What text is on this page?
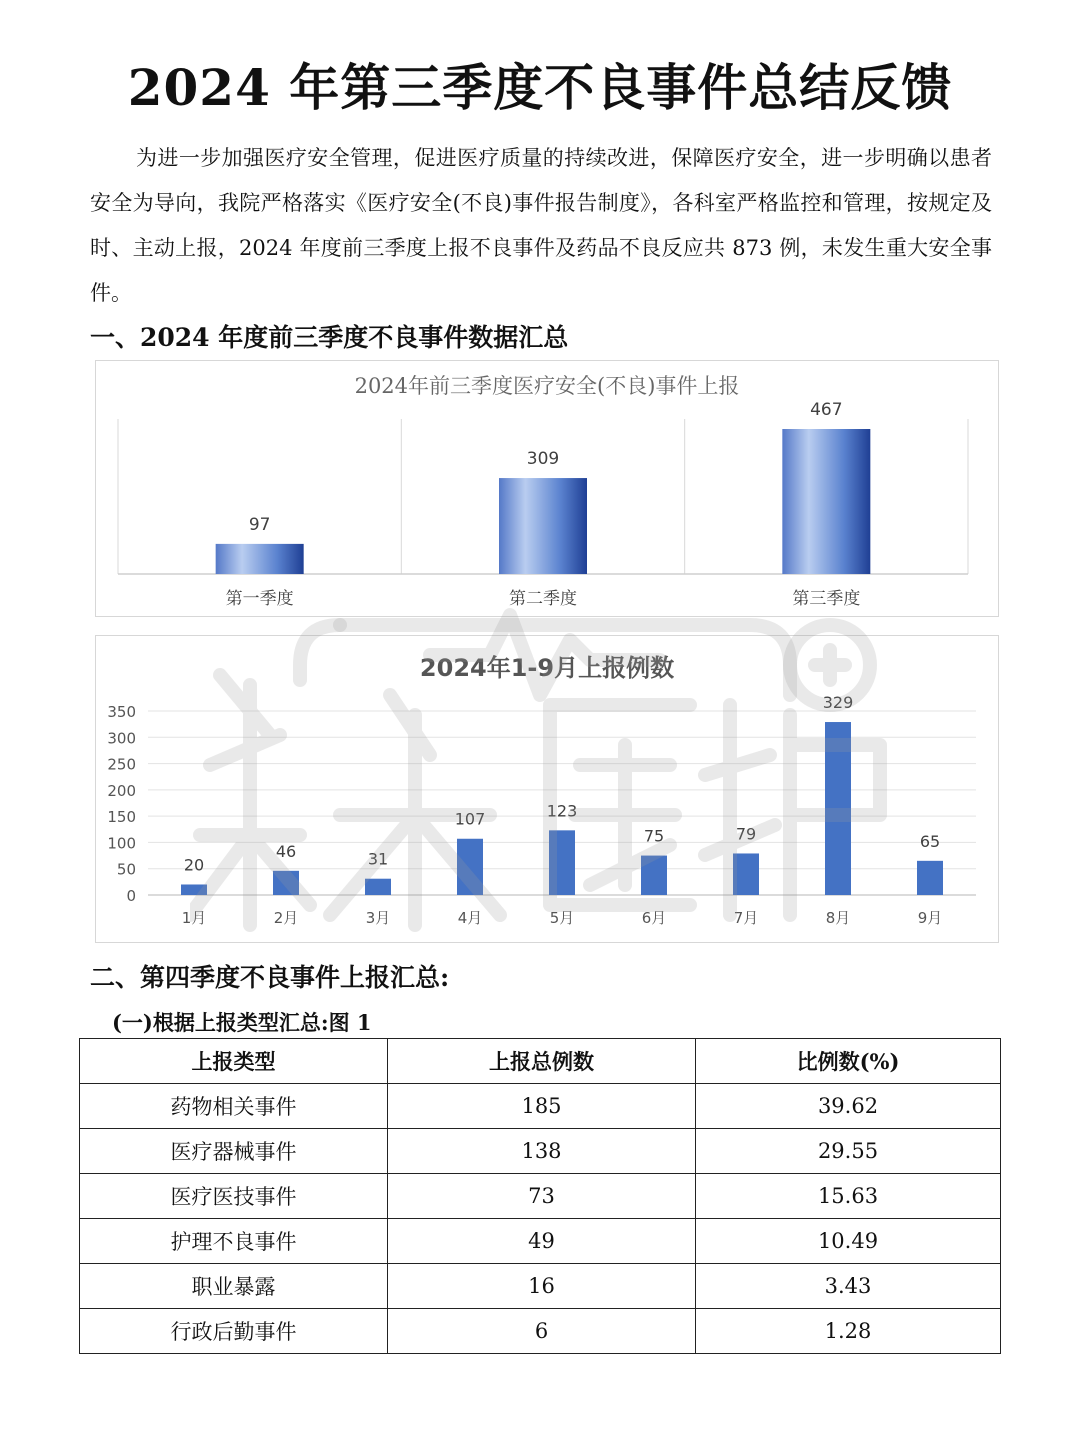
2024 年第三季度不良事件总结反馈

为进一步加强医疗安全管理，促进医疗质量的持续改进，保障医疗安全，进一步明确以患者安全为导向，我院严格落实《医疗安全(不良)事件报告制度》，各科室严格监控和管理，按规定及时、主动上报，2024 年度前三季度上报不良事件及药品不良反应共 873 例，未发生重大安全事件。

一、2024 年度前三季度不良事件数据汇总
2024年前三季度医疗安全(不良)事件上报
97
309
467
第一季度	第二季度	第三季度
2024年1-9月上报例数
0
50
100
150
200
250
300
350
20
46	31
107	123
75	79
329
65
1月	2月	3月	4月	5月	6月	7月	8月	9月
二、第四季度不良事件上报汇总:
(一)根据上报类型汇总:图 1
上报类型	上报总例数	比例数(%)
药物相关事件	185	39.62
医疗器械事件	138	29.55
医疗医技事件	73	15.63
护理不良事件	49	10.49
职业暴露	16	3.43
行政后勤事件	6	1.28
